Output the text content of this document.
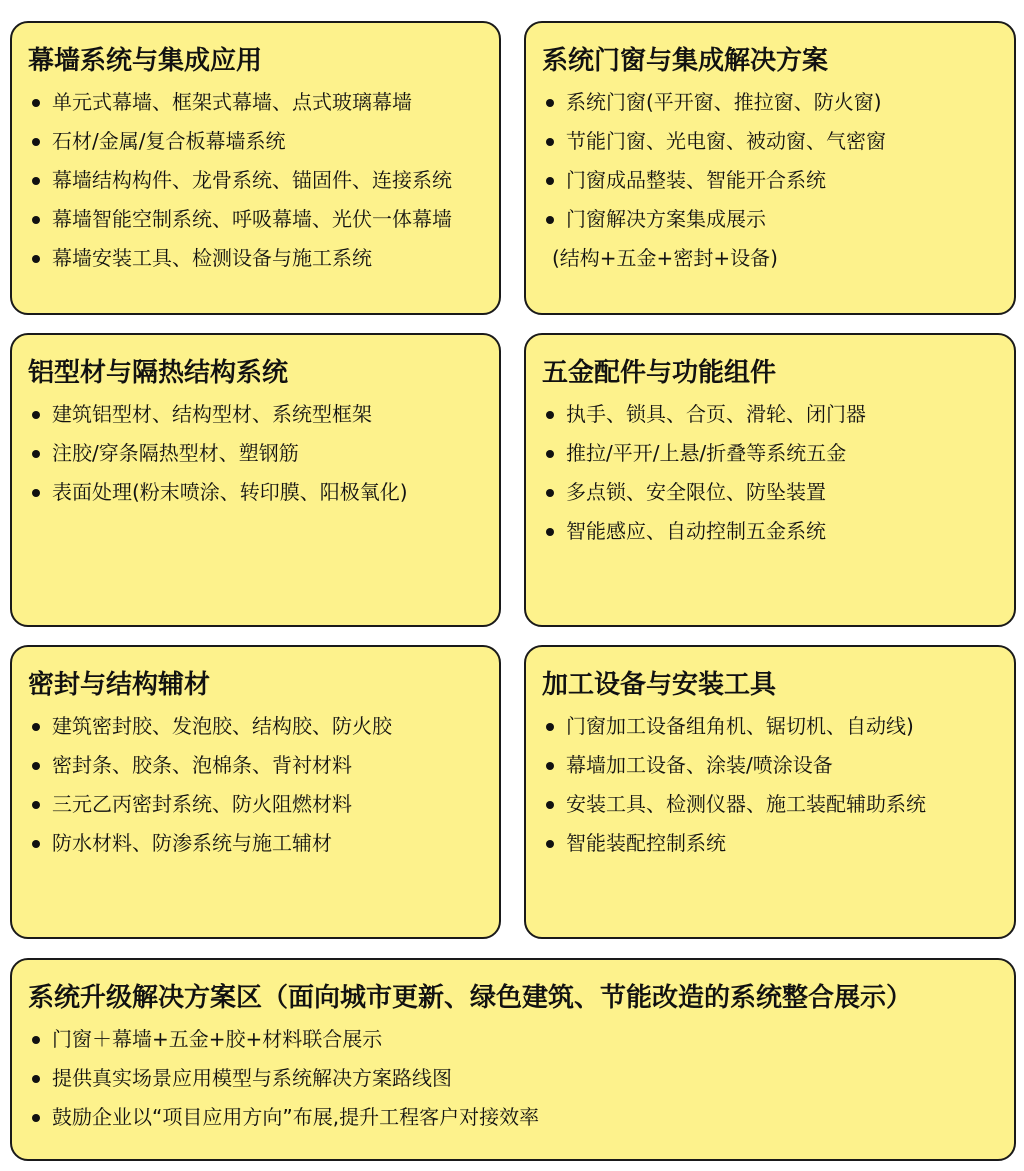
幕墙系统与集成应用
单元式幕墙、框架式幕墙、点式玻璃幕墙
石材/金属/复合板幕墙系统
幕墙结构构件、龙骨系统、锚固件、连接系统
幕墙智能空制系统、呼吸幕墙、光伏一体幕墙
幕墙安装工具、检测设备与施工系统
系统门窗与集成解决方案
系统门窗(平开窗、推拉窗、防火窗)
节能门窗、光电窗、被动窗、气密窗
门窗成品整装、智能开合系统
门窗解决方案集成展示
(结构+五金+密封+设备)
铝型材与隔热结构系统
建筑铝型材、结构型材、系统型框架
注胶/穿条隔热型材、塑钢筋
表面处理(粉末喷涂、转印膜、阳极氧化)
五金配件与功能组件
执手、锁具、合页、滑轮、闭门器
推拉/平开/上悬/折叠等系统五金
多点锁、安全限位、防坠装置
智能感应、自动控制五金系统
密封与结构辅材
建筑密封胶、发泡胶、结构胶、防火胶
密封条、胶条、泡棉条、背衬材料
三元乙丙密封系统、防火阻燃材料
防水材料、防渗系统与施工辅材
加工设备与安装工具
门窗加工设备组角机、锯切机、自动线)
幕墙加工设备、涂装/喷涂设备
安装工具、检测仪器、施工装配辅助系统
智能装配控制系统
系统升级解决方案区（面向城市更新、绿色建筑、节能改造的系统整合展示）
门窗＋幕墙+五金+胶+材料联合展示
提供真实场景应用模型与系统解决方案路线图
鼓励企业以“项目应用方向”布展,提升工程客户对接效率
